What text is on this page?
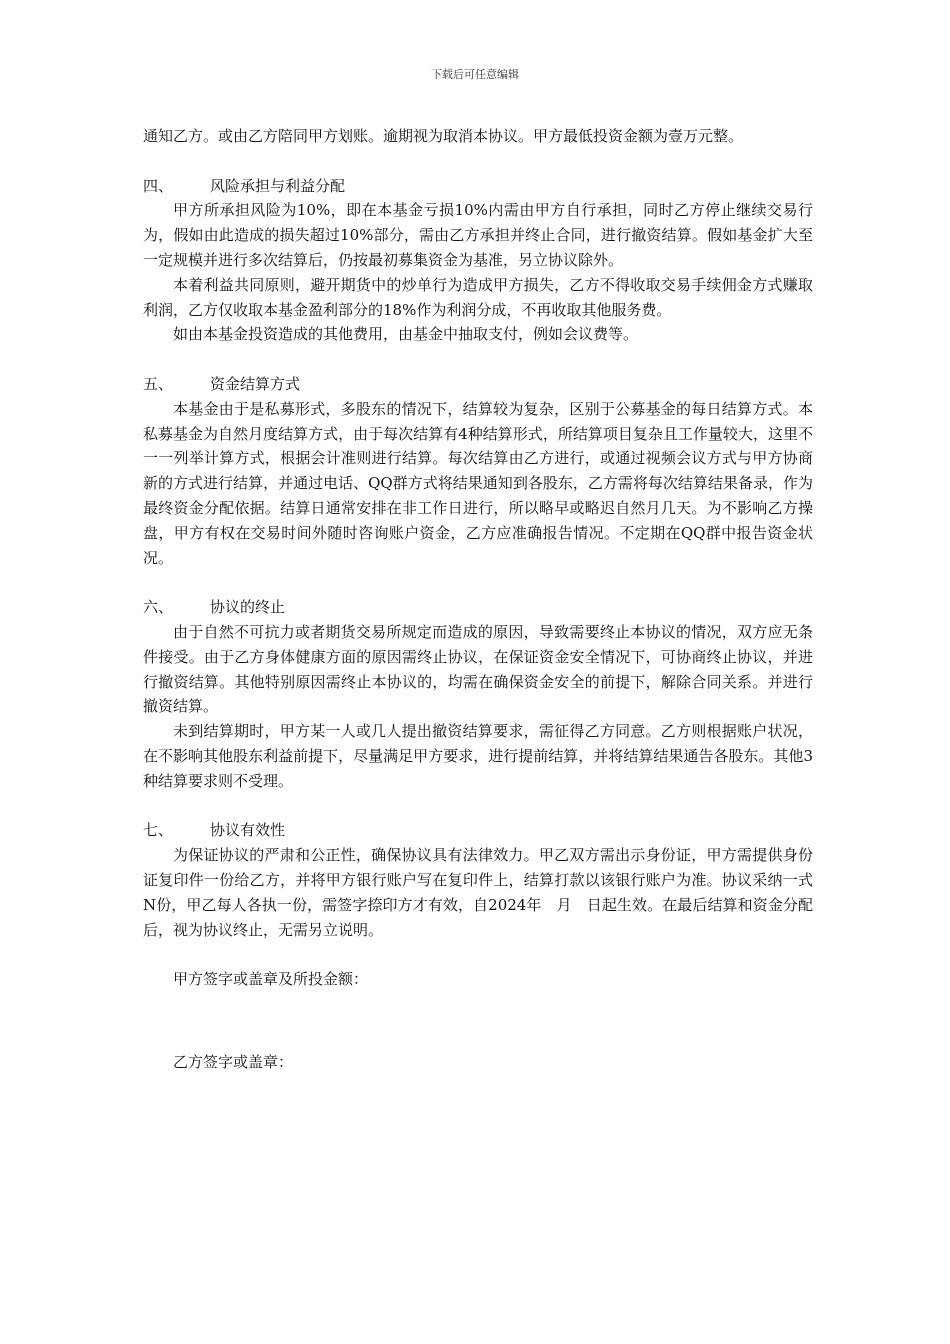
下载后可任意编辑

通知乙方。或由乙方陪同甲方划账。逾期视为取消本协议。甲方最低投资金额为壹万元整。

四、 风险承担与利益分配

甲方所承担风险为10%，即在本基金亏损10%内需由甲方自行承担，同时乙方停止继续交易行为，假如由此造成的损失超过10%部分，需由乙方承担并终止合同，进行撤资结算。假如基金扩大至一定规模并进行多次结算后，仍按最初募集资金为基准，另立协议除外。

本着利益共同原则，避开期货中的炒单行为造成甲方损失，乙方不得收取交易手续佣金方式赚取利润，乙方仅收取本基金盈利部分的18%作为利润分成，不再收取其他服务费。

如由本基金投资造成的其他费用，由基金中抽取支付，例如会议费等。

五、 资金结算方式

本基金由于是私募形式，多股东的情况下，结算较为复杂，区别于公募基金的每日结算方式。本私募基金为自然月度结算方式，由于每次结算有4种结算形式，所结算项目复杂且工作量较大，这里不一一列举计算方式，根据会计准则进行结算。每次结算由乙方进行，或通过视频会议方式与甲方协商新的方式进行结算，并通过电话、QQ群方式将结果通知到各股东，乙方需将每次结算结果备录，作为最终资金分配依据。结算日通常安排在非工作日进行，所以略早或略迟自然月几天。为不影响乙方操盘，甲方有权在交易时间外随时咨询账户资金，乙方应准确报告情况。不定期在QQ群中报告资金状况。

六、 协议的终止

由于自然不可抗力或者期货交易所规定而造成的原因，导致需要终止本协议的情况，双方应无条件接受。由于乙方身体健康方面的原因需终止协议，在保证资金安全情况下，可协商终止协议，并进行撤资结算。其他特别原因需终止本协议的，均需在确保资金安全的前提下，解除合同关系。并进行撤资结算。

未到结算期时，甲方某一人或几人提出撤资结算要求，需征得乙方同意。乙方则根据账户状况，在不影响其他股东利益前提下，尽量满足甲方要求，进行提前结算，并将结算结果通告各股东。其他3种结算要求则不受理。

七、 协议有效性

为保证协议的严肃和公正性，确保协议具有法律效力。甲乙双方需出示身份证，甲方需提供身份证复印件一份给乙方，并将甲方银行账户写在复印件上，结算打款以该银行账户为准。协议采纳一式N份，甲乙每人各执一份，需签字捺印方才有效，自2024年　月　日起生效。在最后结算和资金分配后，视为协议终止，无需另立说明。

甲方签字或盖章及所投金额：

乙方签字或盖章：
